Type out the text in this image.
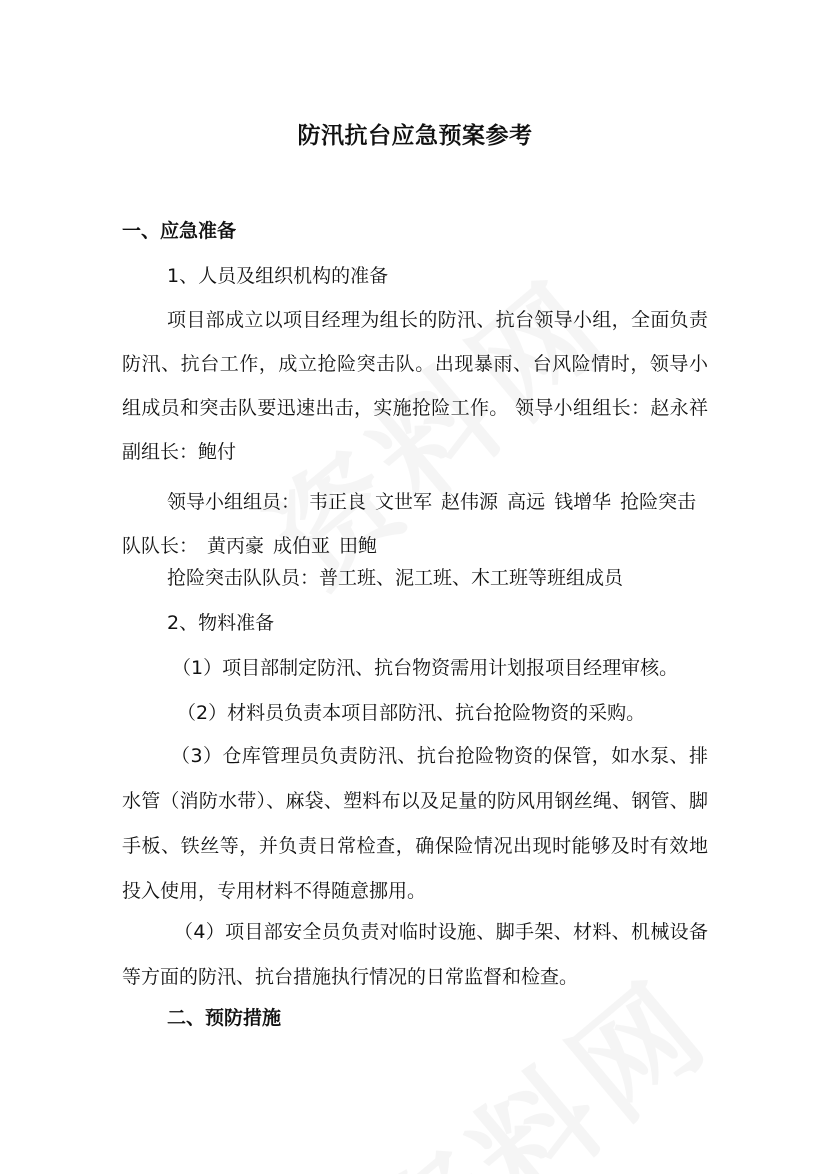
防汛抗台应急预案参考
一、应急准备
1、人员及组织机构的准备
项目部成立以项目经理为组长的防汛、抗台领导小组，全面负责防汛、抗台工作，成立抢险突击队。出现暴雨、台风险情时，领导小组成员和突击队要迅速出击，实施抢险工作。 领导小组组长：赵永祥 副组长：鲍付
领导小组组员： 韦正良 文世军 赵伟源 高远 钱增华 抢险突击队队长： 黄丙豪 成伯亚 田鲍
抢险突击队队员：普工班、泥工班、木工班等班组成员
2、物料准备
（1）项目部制定防汛、抗台物资需用计划报项目经理审核。
（2）材料员负责本项目部防汛、抗台抢险物资的采购。
（3）仓库管理员负责防汛、抗台抢险物资的保管，如水泵、排水管（消防水带）、麻袋、塑料布以及足量的防风用钢丝绳、钢管、脚手板、铁丝等，并负责日常检查，确保险情况出现时能够及时有效地投入使用，专用材料不得随意挪用。
（4）项目部安全员负责对临时设施、脚手架、材料、机械设备等方面的防汛、抗台措施执行情况的日常监督和检查。
二、预防措施
